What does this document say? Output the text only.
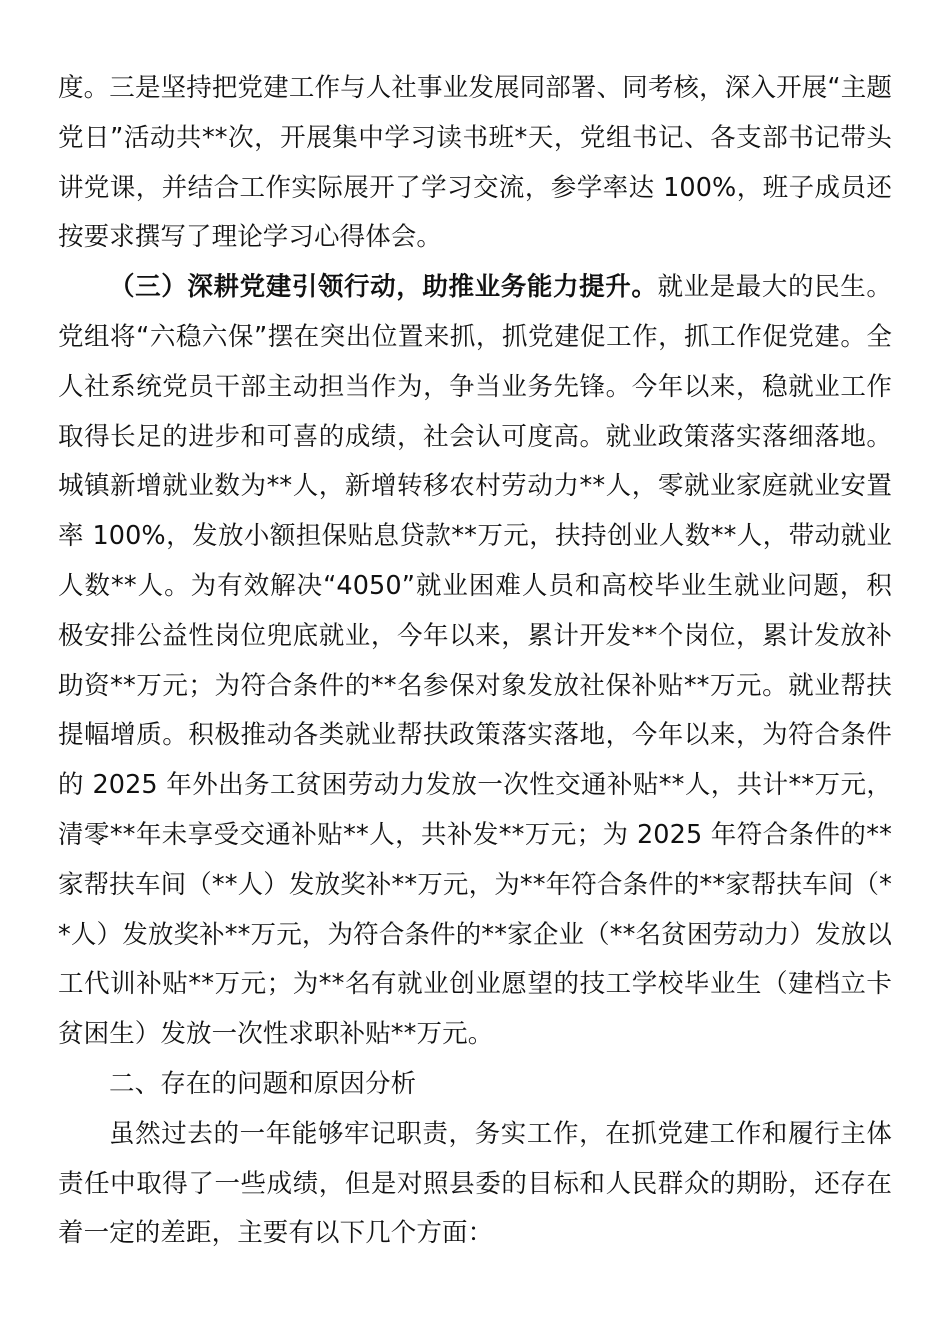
度。三是坚持把党建工作与人社事业发展同部署、同考核，深入开展“主题党日”活动共**次，开展集中学习读书班*天，党组书记、各支部书记带头讲党课，并结合工作实际展开了学习交流，参学率达 100%，班子成员还按要求撰写了理论学习心得体会。

（三）深耕党建引领行动，助推业务能力提升。就业是最大的民生。党组将“六稳六保”摆在突出位置来抓，抓党建促工作，抓工作促党建。全人社系统党员干部主动担当作为，争当业务先锋。今年以来，稳就业工作取得长足的进步和可喜的成绩，社会认可度高。就业政策落实落细落地。城镇新增就业数为**人，新增转移农村劳动力**人，零就业家庭就业安置率 100%，发放小额担保贴息贷款**万元，扶持创业人数**人，带动就业人数**人。为有效解决“4050”就业困难人员和高校毕业生就业问题，积极安排公益性岗位兜底就业，今年以来，累计开发**个岗位，累计发放补助资**万元；为符合条件的**名参保对象发放社保补贴**万元。就业帮扶提幅增质。积极推动各类就业帮扶政策落实落地，今年以来，为符合条件的 2025 年外出务工贫困劳动力发放一次性交通补贴**人，共计**万元，清零**年未享受交通补贴**人，共补发**万元；为 2025 年符合条件的**家帮扶车间（**人）发放奖补**万元，为**年符合条件的**家帮扶车间（**人）发放奖补**万元，为符合条件的**家企业（**名贫困劳动力）发放以工代训补贴**万元；为**名有就业创业愿望的技工学校毕业生（建档立卡贫困生）发放一次性求职补贴**万元。

二、存在的问题和原因分析

虽然过去的一年能够牢记职责，务实工作，在抓党建工作和履行主体责任中取得了一些成绩，但是对照县委的目标和人民群众的期盼，还存在着一定的差距，主要有以下几个方面：
